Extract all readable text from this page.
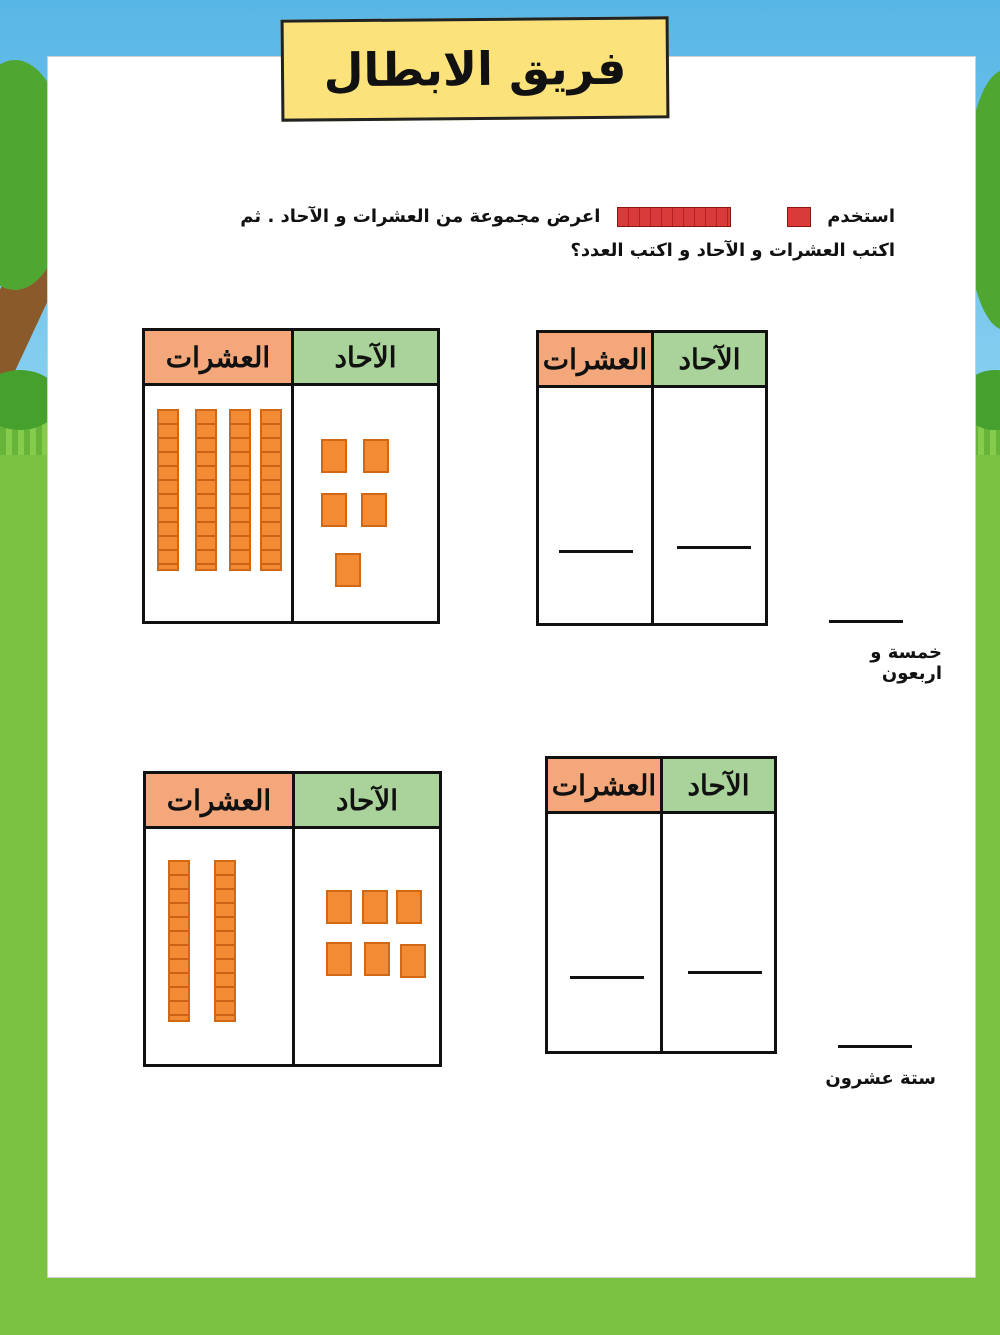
فريق الابطال
استخدم   اعرض مجموعة من العشرات و الآحاد . ثم
اكتب العشرات و الآحاد و اكتب العدد؟
العشرات	الآحاد	العشرات	الآحاد
خمسة و اربعون
العشرات	الآحاد	العشرات	الآحاد
ستة عشرون
